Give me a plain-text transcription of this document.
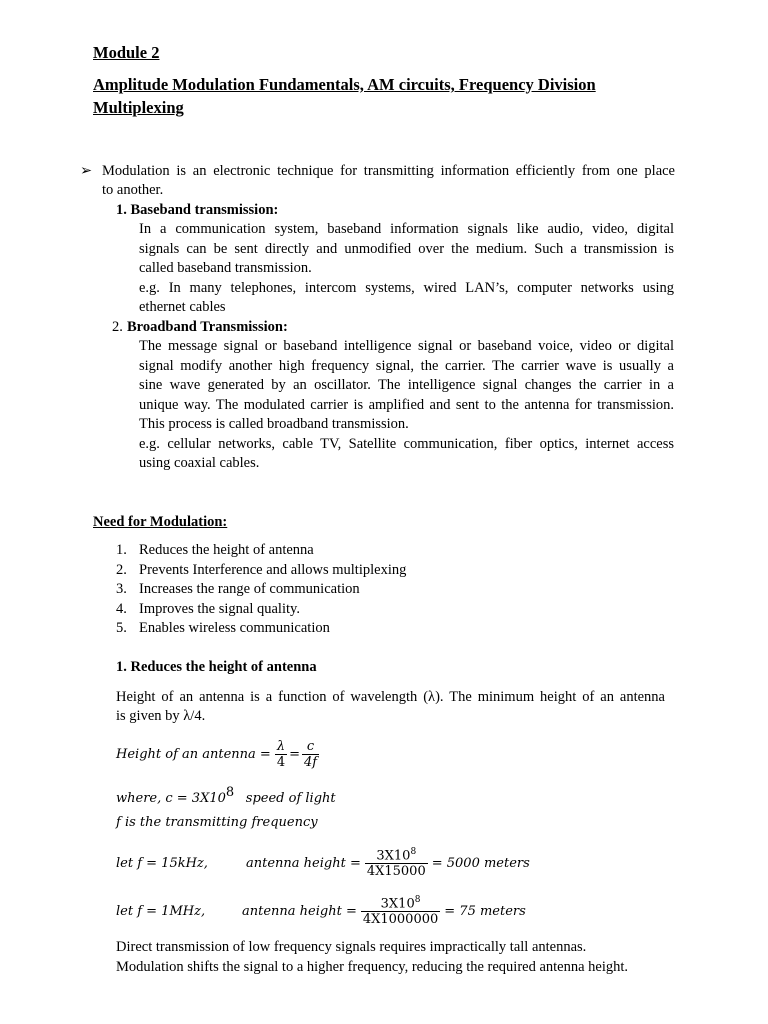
Module 2
Amplitude Modulation Fundamentals, AM circuits, Frequency Division
Multiplexing
➢ Modulation is an electronic technique for transmitting information efficiently from one place
to another.
1. Baseband transmission:
In a communication system, baseband information signals like audio, video, digital
signals can be sent directly and unmodified over the medium. Such a transmission is
called baseband transmission.
e.g. In many telephones, intercom systems, wired LAN’s, computer networks using
ethernet cables
2. Broadband Transmission:
The message signal or baseband intelligence signal or baseband voice, video or digital
signal modify another high frequency signal, the carrier. The carrier wave is usually a
sine wave generated by an oscillator. The intelligence signal changes the carrier in a
unique way. The modulated carrier is amplified and sent to the antenna for transmission.
This process is called broadband transmission.
e.g. cellular networks, cable TV, Satellite communication, fiber optics, internet access
using coaxial cables.
Need for Modulation:
1. Reduces the height of antenna
2. Prevents Interference and allows multiplexing
3. Increases the range of communication
4. Improves the signal quality.
5. Enables wireless communication
1. Reduces the height of antenna
Height of an antenna is a function of wavelength (λ). The minimum height of an antenna
is given by λ/4.
Height of an antenna = $\frac{\lambda}{4} = \frac{c}{4f}$
where, $c = 3X10^8$ speed of light
f is the transmitting frequency
let f = 15kHz,	antenna height = $\frac{3X10^8}{4X15000} = 5000$ meters
let f = 1MHz,	antenna height = $\frac{3X10^8}{4X1000000} = 75$ meters
Direct transmission of low frequency signals requires impractically tall antennas.
Modulation shifts the signal to a higher frequency, reducing the required antenna height.
